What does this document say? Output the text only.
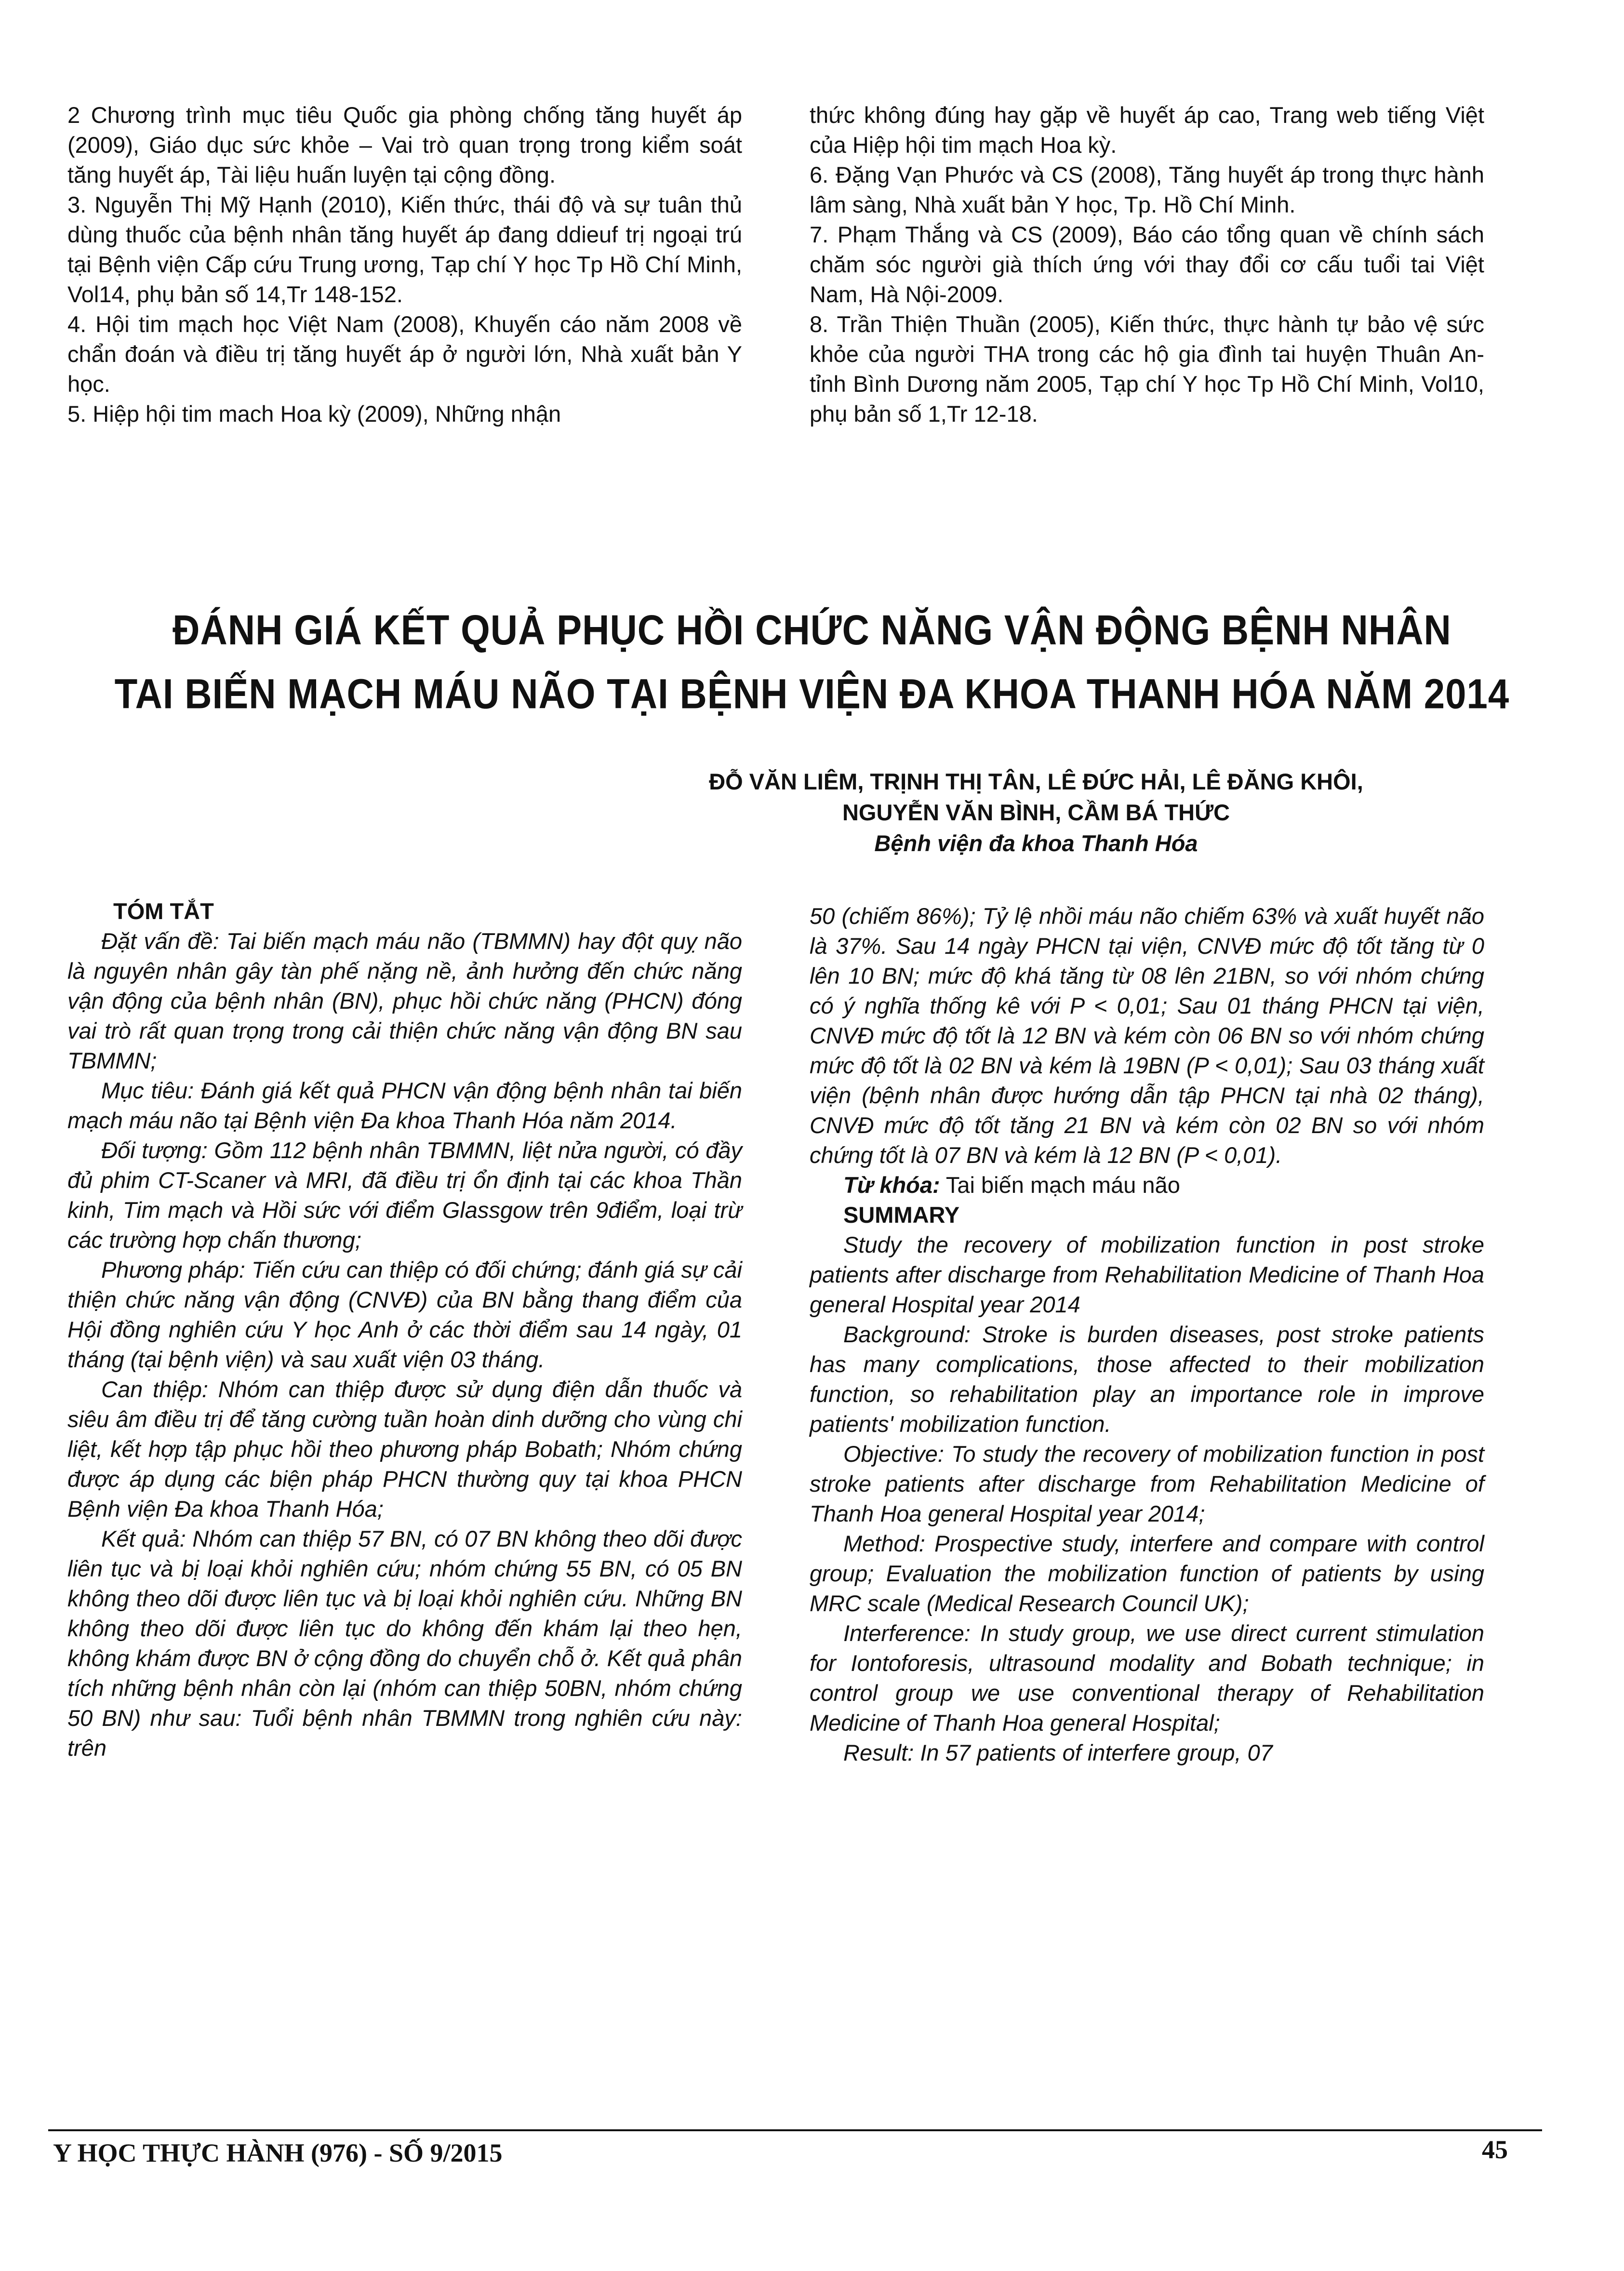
2 Chương trình mục tiêu Quốc gia phòng chống tăng huyết áp (2009), Giáo dục sức khỏe – Vai trò quan trọng trong kiểm soát tăng huyết áp, Tài liệu huấn luyện tại cộng đồng.

3. Nguyễn Thị Mỹ Hạnh (2010), Kiến thức, thái độ và sự tuân thủ dùng thuốc của bệnh nhân tăng huyết áp đang ddieuf trị ngoại trú tại Bệnh viện Cấp cứu Trung ương, Tạp chí Y học Tp Hồ Chí Minh, Vol14, phụ bản số 14,Tr 148-152.

4. Hội tim mạch học Việt Nam (2008), Khuyến cáo năm 2008 về chẩn đoán và điều trị tăng huyết áp ở người lớn, Nhà xuất bản Y học.

5. Hiệp hội tim mach Hoa kỳ (2009), Những nhận

thức không đúng hay gặp về huyết áp cao, Trang web tiếng Việt của Hiệp hội tim mạch Hoa kỳ.

6. Đặng Vạn Phước và CS (2008), Tăng huyết áp trong thực hành lâm sàng, Nhà xuất bản Y học, Tp. Hồ Chí Minh.

7. Phạm Thắng và CS (2009), Báo cáo tổng quan về chính sách chăm sóc người già thích ứng với thay đổi cơ cấu tuổi tai Việt Nam, Hà Nội-2009.

8. Trần Thiện Thuần (2005), Kiến thức, thực hành tự bảo vệ sức khỏe của người THA trong các hộ gia đình tai huyện Thuân An- tỉnh Bình Dương năm 2005, Tạp chí Y học Tp Hồ Chí Minh, Vol10, phụ bản số 1,Tr 12-18.

ĐÁNH GIÁ KẾT QUẢ PHỤC HỒI CHỨC NĂNG VẬN ĐỘNG BỆNH NHÂN
TAI BIẾN MẠCH MÁU NÃO TẠI BỆNH VIỆN ĐA KHOA THANH HÓA NĂM 2014
ĐỖ VĂN LIÊM, TRỊNH THỊ TÂN, LÊ ĐỨC HẢI, LÊ ĐĂNG KHÔI,
NGUYỄN VĂN BÌNH, CẦM BÁ THỨC
Bệnh viện đa khoa Thanh Hóa

TÓM TẮT

Đặt vấn đề: Tai biến mạch máu não (TBMMN) hay đột quỵ não là nguyên nhân gây tàn phế nặng nề, ảnh hưởng đến chức năng vận động của bệnh nhân (BN), phục hồi chức năng (PHCN) đóng vai trò rất quan trọng trong cải thiện chức năng vận động BN sau TBMMN;

Mục tiêu: Đánh giá kết quả PHCN vận động bệnh nhân tai biến mạch máu não tại Bệnh viện Đa khoa Thanh Hóa năm 2014.

Đối tượng: Gồm 112 bệnh nhân TBMMN, liệt nửa người, có đầy đủ phim CT-Scaner và MRI, đã điều trị ổn định tại các khoa Thần kinh, Tim mạch và Hồi sức với điểm Glassgow trên 9điểm, loại trừ các trường hợp chấn thương;

Phương pháp: Tiến cứu can thiệp có đối chứng; đánh giá sự cải thiện chức năng vận động (CNVĐ) của BN bằng thang điểm của Hội đồng nghiên cứu Y học Anh ở các thời điểm sau 14 ngày, 01 tháng (tại bệnh viện) và sau xuất viện 03 tháng.

Can thiệp: Nhóm can thiệp được sử dụng điện dẫn thuốc và siêu âm điều trị để tăng cường tuần hoàn dinh dưỡng cho vùng chi liệt, kết hợp tập phục hồi theo phương pháp Bobath; Nhóm chứng được áp dụng các biện pháp PHCN thường quy tại khoa PHCN Bệnh viện Đa khoa Thanh Hóa;

Kết quả: Nhóm can thiệp 57 BN, có 07 BN không theo dõi được liên tục và bị loại khỏi nghiên cứu; nhóm chứng 55 BN, có 05 BN không theo dõi được liên tục và bị loại khỏi nghiên cứu. Những BN không theo dõi được liên tục do không đến khám lại theo hẹn, không khám được BN ở cộng đồng do chuyển chỗ ở. Kết quả phân tích những bệnh nhân còn lại (nhóm can thiệp 50BN, nhóm chứng 50 BN) như sau: Tuổi bệnh nhân TBMMN trong nghiên cứu này: trên

50 (chiếm 86%); Tỷ lệ nhồi máu não chiếm 63% và xuất huyết não là 37%. Sau 14 ngày PHCN tại viện, CNVĐ mức độ tốt tăng từ 0 lên 10 BN; mức độ khá tăng từ 08 lên 21BN, so với nhóm chứng có ý nghĩa thống kê với P < 0,01; Sau 01 tháng PHCN tại viện, CNVĐ mức độ tốt là 12 BN và kém còn 06 BN so với nhóm chứng mức độ tốt là 02 BN và kém là 19BN (P < 0,01); Sau 03 tháng xuất viện (bệnh nhân được hướng dẫn tập PHCN tại nhà 02 tháng), CNVĐ mức độ tốt tăng 21 BN và kém còn 02 BN so với nhóm chứng tốt là 07 BN và kém là 12 BN (P < 0,01).

Từ khóa: Tai biến mạch máu não

SUMMARY

Study the recovery of mobilization function in post stroke patients after discharge from Rehabilitation Medicine of Thanh Hoa general Hospital year 2014

Background: Stroke is burden diseases, post stroke patients has many complications, those affected to their mobilization function, so rehabilitation play an importance role in improve patients' mobilization function.

Objective: To study the recovery of mobilization function in post stroke patients after discharge from Rehabilitation Medicine of Thanh Hoa general Hospital year 2014;

Method: Prospective study, interfere and compare with control group; Evaluation the mobilization function of patients by using MRC scale (Medical Research Council UK);

Interference: In study group, we use direct current stimulation for Iontoforesis, ultrasound modality and Bobath technique; in control group we use conventional therapy of Rehabilitation Medicine of Thanh Hoa general Hospital;

Result: In 57 patients of interfere group, 07

Y HỌC THỰC HÀNH (976) - SỐ 9/2015	45
